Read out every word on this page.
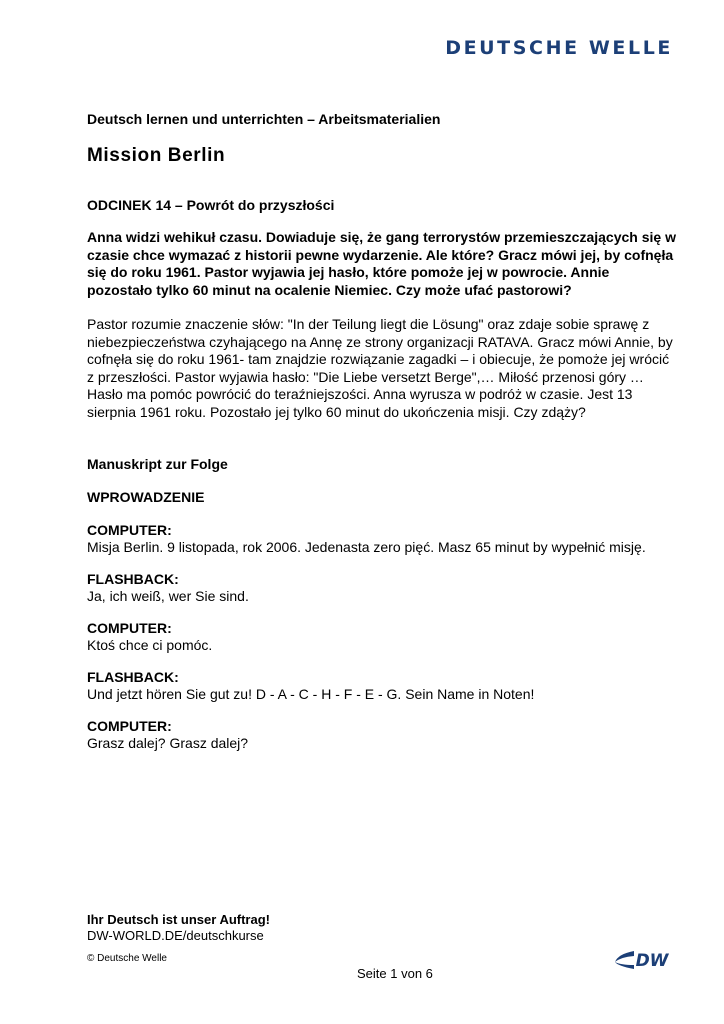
DEUTSCHE WELLE

Deutsch lernen und unterrichten – Arbeitsmaterialien

Mission Berlin

ODCINEK 14 – Powrót do przyszłości

Anna widzi wehikuł czasu. Dowiaduje się, że gang terrorystów przemieszczających się w czasie chce wymazać z historii pewne wydarzenie. Ale które? Gracz mówi jej, by cofnęła się do roku 1961. Pastor wyjawia jej hasło, które pomoże jej w powrocie. Annie pozostało tylko 60 minut na ocalenie Niemiec. Czy może ufać pastorowi?

Pastor rozumie znaczenie słów: "In der Teilung liegt die Lösung" oraz zdaje sobie sprawę z niebezpieczeństwa czyhającego na Annę ze strony organizacji RATAVA. Gracz mówi Annie, by cofnęła się do roku 1961- tam znajdzie rozwiązanie zagadki – i obiecuje, że pomoże jej wrócić z przeszłości. Pastor wyjawia hasło: "Die Liebe versetzt Berge",… Miłość przenosi góry … Hasło ma pomóc powrócić do teraźniejszości. Anna wyrusza w podróż w czasie. Jest 13 sierpnia 1961 roku. Pozostało jej tylko 60 minut do ukończenia misji. Czy zdąży?

Manuskript zur Folge

WPROWADZENIE

COMPUTER:
Misja Berlin. 9 listopada, rok 2006. Jedenasta zero pięć. Masz 65 minut by wypełnić misję.
FLASHBACK:
Ja, ich weiß, wer Sie sind.
COMPUTER:
Ktoś chce ci pomóc.
FLASHBACK:
Und jetzt hören Sie gut zu! D - A - C - H - F - E - G. Sein Name in Noten!
COMPUTER:
Grasz dalej? Grasz dalej?
Ihr Deutsch ist unser Auftrag!
DW-WORLD.DE/deutschkurse
© Deutsche Welle
Seite 1 von 6
DW
